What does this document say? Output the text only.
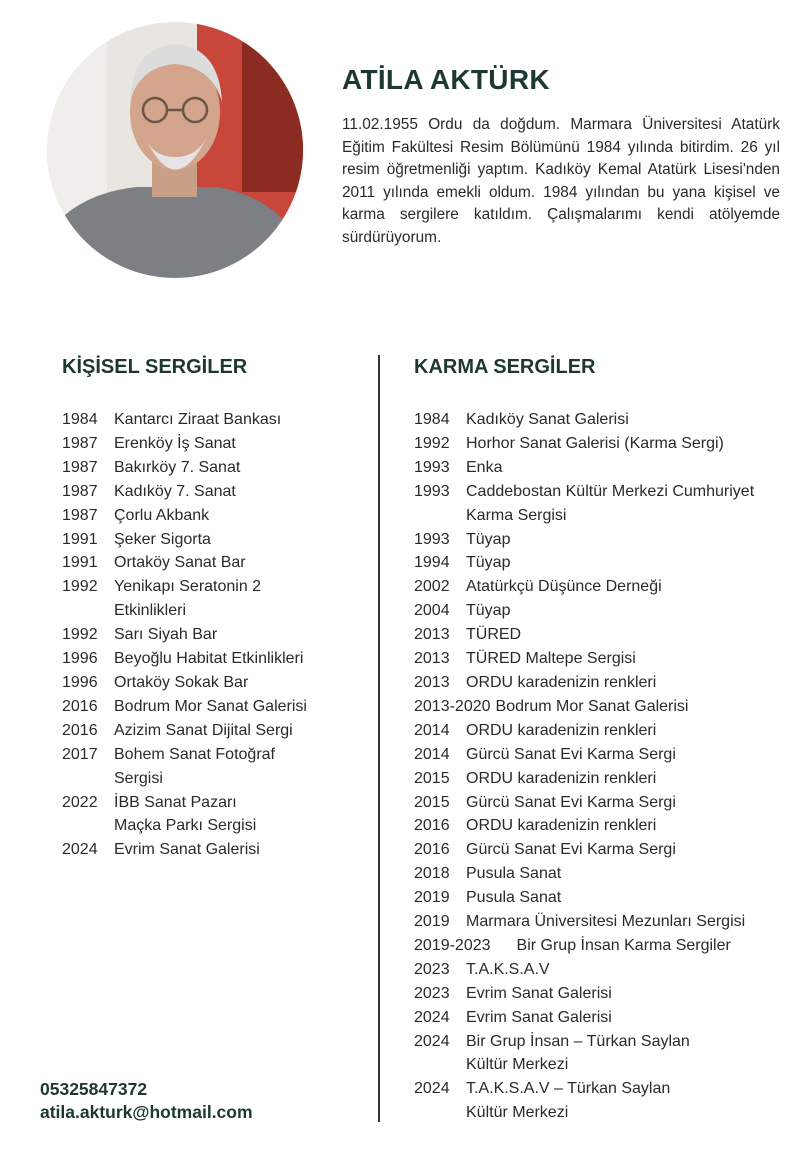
ATİLA AKTÜRK

11.02.1955 Ordu da doğdum. Marmara Üniversitesi Atatürk Eğitim Fakültesi Resim Bölümünü 1984 yılında bitirdim. 26 yıl resim öğretmenliği yaptım. Kadıköy Kemal Atatürk Lisesi'nden 2011 yılında emekli oldum. 1984 yılından bu yana kişisel ve karma sergilere katıldım. Çalışmalarımı kendi atölyemde sürdürüyorum.

KİŞİSEL SERGİLER
1984 Kantarcı Ziraat Bankası
1987 Erenköy İş Sanat
1987 Bakırköy 7. Sanat
1987 Kadıköy 7. Sanat
1987 Çorlu Akbank
1991 Şeker Sigorta
1991 Ortaköy Sanat Bar
1992 Yenikapı Seratonin 2
Etkinlikleri
1992 Sarı Siyah Bar
1996 Beyoğlu Habitat Etkinlikleri
1996 Ortaköy Sokak Bar
2016 Bodrum Mor Sanat Galerisi
2016 Azizim Sanat Dijital Sergi
2017 Bohem Sanat Fotoğraf
Sergisi
2022 İBB Sanat Pazarı
Maçka Parkı Sergisi
2024 Evrim Sanat Galerisi
KARMA SERGİLER
1984 Kadıköy Sanat Galerisi
1992 Horhor Sanat Galerisi (Karma Sergi)
1993 Enka
1993 Caddebostan Kültür Merkezi Cumhuriyet
Karma Sergisi
1993 Tüyap
1994 Tüyap
2002 Atatürkçü Düşünce Derneği
2004 Tüyap
2013 TÜRED
2013 TÜRED Maltepe Sergisi
2013 ORDU karadenizin renkleri
2013-2020 Bodrum Mor Sanat Galerisi
2014 ORDU karadenizin renkleri
2014 Gürcü Sanat Evi Karma Sergi
2015 ORDU karadenizin renkleri
2015 Gürcü Sanat Evi Karma Sergi
2016 ORDU karadenizin renkleri
2016 Gürcü Sanat Evi Karma Sergi
2018 Pusula Sanat
2019 Pusula Sanat
2019 Marmara Üniversitesi Mezunları Sergisi
2019-2023 Bir Grup İnsan Karma Sergiler
2023 T.A.K.S.A.V
2023 Evrim Sanat Galerisi
2024 Evrim Sanat Galerisi
2024 Bir Grup İnsan – Türkan Saylan
Kültür Merkezi
2024 T.A.K.S.A.V – Türkan Saylan
Kültür Merkezi
05325847372
atila.akturk@hotmail.com
